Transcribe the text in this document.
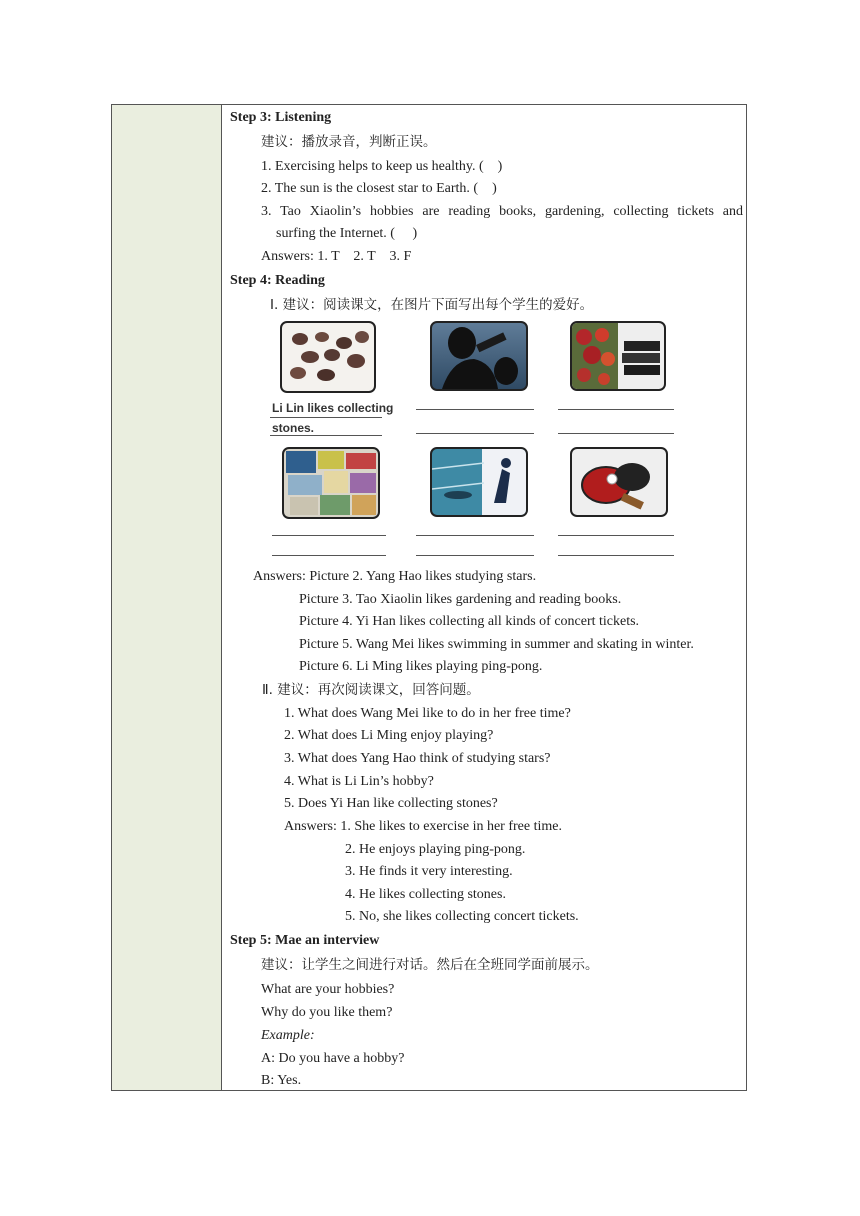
Step 3: Listening
建议：播放录音，判断正误。
1. Exercising helps to keep us healthy. (　)
2. The sun is the closest star to Earth. (　)
3. Tao Xiaolin’s hobbies are reading books, gardening, collecting tickets and
surfing the Internet. (　 )
Answers: 1. T　2. T　3. F
Step 4: Reading
Ⅰ. 建议：阅读课文，在图片下面写出每个学生的爱好。
Li Lin likes collecting
stones.
Answers: Picture 2. Yang Hao likes studying stars.
Picture 3. Tao Xiaolin likes gardening and reading books.
Picture 4. Yi Han likes collecting all kinds of concert tickets.
Picture 5. Wang Mei likes swimming in summer and skating in winter.
Picture 6. Li Ming likes playing ping-pong.
Ⅱ. 建议：再次阅读课文，回答问题。
1. What does Wang Mei like to do in her free time?
2. What does Li Ming enjoy playing?
3. What does Yang Hao think of studying stars?
4. What is Li Lin’s hobby?
5. Does Yi Han like collecting stones?
Answers: 1. She likes to exercise in her free time.
2. He enjoys playing ping-pong.
3. He finds it very interesting.
4. He likes collecting stones.
5. No, she likes collecting concert tickets.
Step 5: Mae an interview
建议：让学生之间进行对话。然后在全班同学面前展示。
What are your hobbies?
Why do you like them?
Example:
A: Do you have a hobby?
B: Yes.
